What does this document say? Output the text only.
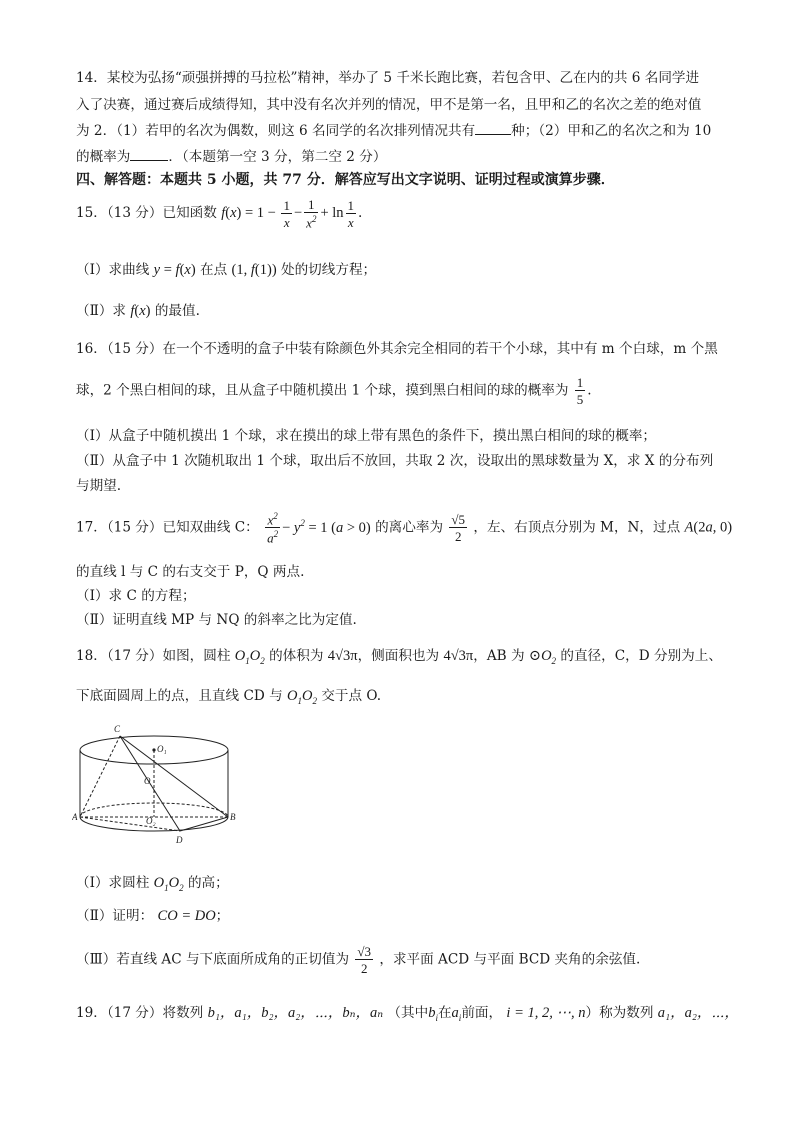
14．某校为弘扬“顽强拼搏的马拉松”精神，举办了 5 千米长跑比赛，若包含甲、乙在内的共 6 名同学进
入了决赛，通过赛后成绩得知，其中没有名次并列的情况，甲不是第一名，且甲和乙的名次之差的绝对值
为 2．（1）若甲的名次为偶数，则这 6 名同学的名次排列情况共有	种；（2）甲和乙的名次之和为 10
的概率为	．（本题第一空 3 分，第二空 2 分）
四、解答题：本题共 5 小题，共 77 分．解答应写出文字说明、证明过程或演算步骤．
15．（13 分）已知函数 $f(x) = 1 - \frac{1}{x} - \frac{1}{x^2} + \ln \frac{1}{x}$ .
（Ⅰ）求曲线 y = f(x) 在点 (1, f(1)) 处的切线方程；
（Ⅱ）求 f(x) 的最值.
16．（15 分）在一个不透明的盒子中装有除颜色外其余完全相同的若干个小球，其中有 m 个白球，m 个黑
球，2 个黑白相间的球，且从盒子中随机摸出 1 个球，摸到黑白相间的球的概率为 $\frac{1}{5}$ .
（Ⅰ）从盒子中随机摸出 1 个球，求在摸出的球上带有黑色的条件下，摸出黑白相间的球的概率；
（Ⅱ）从盒子中 1 次随机取出 1 个球，取出后不放回，共取 2 次，设取出的黑球数量为 X，求 X 的分布列
与期望.
17．（15 分）已知双曲线 C： $\frac{x^2}{a^2} - y^2 = 1$ (a > 0) 的离心率为 $\frac{√5}{2}$ ，左、右顶点分别为 M，N，过点 A(2a, 0)
的直线 l 与 C 的右支交于 P，Q 两点.
（Ⅰ）求 C 的方程；
（Ⅱ）证明直线 MP 与 NQ 的斜率之比为定值.
18．（17 分）如图，圆柱 $O_1O_2$ 的体积为 4√3π，侧面积也为 4√3π，AB 为 $⊙O_2$ 的直径，C，D 分别为上、
下底面圆周上的点，且直线 CD 与 $O_1O_2$ 交于点 O.
C
O₁
O
O₂
A	B
D
（Ⅰ）求圆柱 $O_1O_2$ 的高；
（Ⅱ）证明： CO = DO；
（Ⅲ）若直线 AC 与下底面所成角的正切值为 $\frac{√3}{2}$ ，求平面 ACD 与平面 BCD 夹角的余弦值.
19．（17 分）将数列 b₁，a₁，b₂，a₂，⋯，bₙ，aₙ （其中$b_i$在$a_i$前面， i = 1, 2, ⋯, n）称为数列 a₁，a₂，⋯，
